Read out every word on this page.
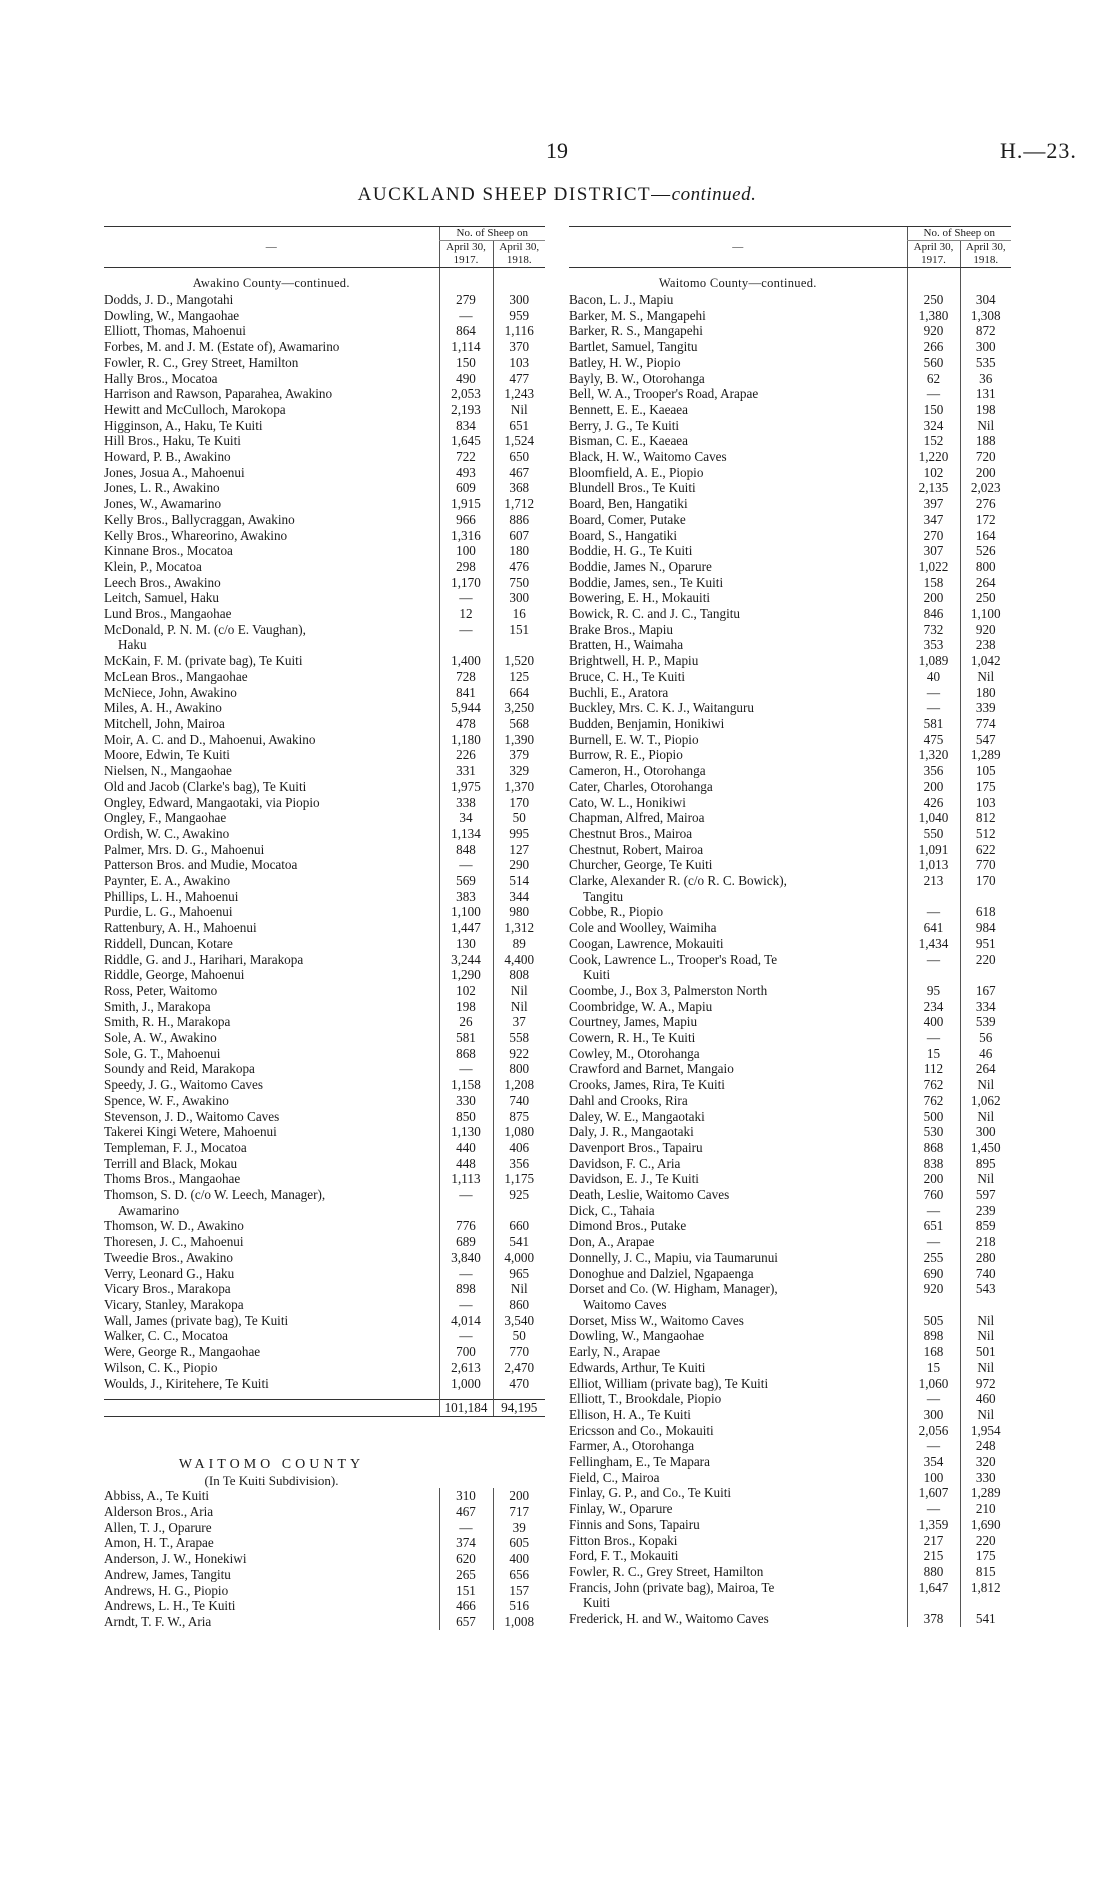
19	H.—23.
AUCKLAND SHEEP DISTRICT—continued.
—	No. of Sheep on	
	April 30, 1917.	April 30, 1918.
Awakino County—continued.		
Dodds, J. D., Mangotahi	279	300
Dowling, W., Mangaohae	—	959
Elliott, Thomas, Mahoenui	864	1,116
Forbes, M. and J. M. (Estate of), Awamarino	1,114	370
Fowler, R. C., Grey Street, Hamilton	150	103
Hally Bros., Mocatoa	490	477
Harrison and Rawson, Paparahea, Awakino	2,053	1,243
Hewitt and McCulloch, Marokopa	2,193	Nil
Higginson, A., Haku, Te Kuiti	834	651
Hill Bros., Haku, Te Kuiti	1,645	1,524
Howard, P. B., Awakino	722	650
Jones, Josua A., Mahoenui	493	467
Jones, L. R., Awakino	609	368
Jones, W., Awamarino	1,915	1,712
Kelly Bros., Ballycraggan, Awakino	966	886
Kelly Bros., Whareorino, Awakino	1,316	607
Kinnane Bros., Mocatoa	100	180
Klein, P., Mocatoa	298	476
Leech Bros., Awakino	1,170	750
Leitch, Samuel, Haku	—	300
Lund Bros., Mangaohae	12	16
McDonald, P. N. M. (c/o E. Vaughan),	—	151
Haku		
McKain, F. M. (private bag), Te Kuiti	1,400	1,520
McLean Bros., Mangaohae	728	125
McNiece, John, Awakino	841	664
Miles, A. H., Awakino	5,944	3,250
Mitchell, John, Mairoa	478	568
Moir, A. C. and D., Mahoenui, Awakino	1,180	1,390
Moore, Edwin, Te Kuiti	226	379
Nielsen, N., Mangaohae	331	329
Old and Jacob (Clarke's bag), Te Kuiti	1,975	1,370
Ongley, Edward, Mangaotaki, via Piopio	338	170
Ongley, F., Mangaohae	34	50
Ordish, W. C., Awakino	1,134	995
Palmer, Mrs. D. G., Mahoenui	848	127
Patterson Bros. and Mudie, Mocatoa	—	290
Paynter, E. A., Awakino	569	514
Phillips, L. H., Mahoenui	383	344
Purdie, L. G., Mahoenui	1,100	980
Rattenbury, A. H., Mahoenui	1,447	1,312
Riddell, Duncan, Kotare	130	89
Riddle, G. and J., Harihari, Marakopa	3,244	4,400
Riddle, George, Mahoenui	1,290	808
Ross, Peter, Waitomo	102	Nil
Smith, J., Marakopa	198	Nil
Smith, R. H., Marakopa	26	37
Sole, A. W., Awakino	581	558
Sole, G. T., Mahoenui	868	922
Soundy and Reid, Marakopa	—	800
Speedy, J. G., Waitomo Caves	1,158	1,208
Spence, W. F., Awakino	330	740
Stevenson, J. D., Waitomo Caves	850	875
Takerei Kingi Wetere, Mahoenui	1,130	1,080
Templeman, F. J., Mocatoa	440	406
Terrill and Black, Mokau	448	356
Thoms Bros., Mangaohae	1,113	1,175
Thomson, S. D. (c/o W. Leech, Manager),	—	925
Awamarino		
Thomson, W. D., Awakino	776	660
Thoresen, J. C., Mahoenui	689	541
Tweedie Bros., Awakino	3,840	4,000
Verry, Leonard G., Haku	—	965
Vicary Bros., Marakopa	898	Nil
Vicary, Stanley, Marakopa	—	860
Wall, James (private bag), Te Kuiti	4,014	3,540
Walker, C. C., Mocatoa	—	50
Were, George R., Mangaohae	700	770
Wilson, C. K., Piopio	2,613	2,470
Woulds, J., Kiritehere, Te Kuiti	1,000	470

	101,184	94,195

WAITOMO COUNTY		
(In Te Kuiti Subdivision).		
Abbiss, A., Te Kuiti	310	200
Alderson Bros., Aria	467	717
Allen, T. J., Oparure	—	39
Amon, H. T., Arapae	374	605
Anderson, J. W., Honekiwi	620	400
Andrew, James, Tangitu	265	656
Andrews, H. G., Piopio	151	157
Andrews, L. H., Te Kuiti	466	516
Arndt, T. F. W., Aria	657	1,008
—	No. of Sheep on	
	April 30, 1917.	April 30, 1918.
Waitomo County—continued.		
Bacon, L. J., Mapiu	250	304
Barker, M. S., Mangapehi	1,380	1,308
Barker, R. S., Mangapehi	920	872
Bartlet, Samuel, Tangitu	266	300
Batley, H. W., Piopio	560	535
Bayly, B. W., Otorohanga	62	36
Bell, W. A., Trooper's Road, Arapae	—	131
Bennett, E. E., Kaeaea	150	198
Berry, J. G., Te Kuiti	324	Nil
Bisman, C. E., Kaeaea	152	188
Black, H. W., Waitomo Caves	1,220	720
Bloomfield, A. E., Piopio	102	200
Blundell Bros., Te Kuiti	2,135	2,023
Board, Ben, Hangatiki	397	276
Board, Comer, Putake	347	172
Board, S., Hangatiki	270	164
Boddie, H. G., Te Kuiti	307	526
Boddie, James N., Oparure	1,022	800
Boddie, James, sen., Te Kuiti	158	264
Bowering, E. H., Mokauiti	200	250
Bowick, R. C. and J. C., Tangitu	846	1,100
Brake Bros., Mapiu	732	920
Bratten, H., Waimaha	353	238
Brightwell, H. P., Mapiu	1,089	1,042
Bruce, C. H., Te Kuiti	40	Nil
Buchli, E., Aratora	—	180
Buckley, Mrs. C. K. J., Waitanguru	—	339
Budden, Benjamin, Honikiwi	581	774
Burnell, E. W. T., Piopio	475	547
Burrow, R. E., Piopio	1,320	1,289
Cameron, H., Otorohanga	356	105
Cater, Charles, Otorohanga	200	175
Cato, W. L., Honikiwi	426	103
Chapman, Alfred, Mairoa	1,040	812
Chestnut Bros., Mairoa	550	512
Chestnut, Robert, Mairoa	1,091	622
Churcher, George, Te Kuiti	1,013	770
Clarke, Alexander R. (c/o R. C. Bowick),	213	170
Tangitu		
Cobbe, R., Piopio	—	618
Cole and Woolley, Waimiha	641	984
Coogan, Lawrence, Mokauiti	1,434	951
Cook, Lawrence L., Trooper's Road, Te	—	220
Kuiti		
Coombe, J., Box 3, Palmerston North	95	167
Coombridge, W. A., Mapiu	234	334
Courtney, James, Mapiu	400	539
Cowern, R. H., Te Kuiti	—	56
Cowley, M., Otorohanga	15	46
Crawford and Barnet, Mangaio	112	264
Crooks, James, Rira, Te Kuiti	762	Nil
Dahl and Crooks, Rira	762	1,062
Daley, W. E., Mangaotaki	500	Nil
Daly, J. R., Mangaotaki	530	300
Davenport Bros., Tapairu	868	1,450
Davidson, F. C., Aria	838	895
Davidson, E. J., Te Kuiti	200	Nil
Death, Leslie, Waitomo Caves	760	597
Dick, C., Tahaia	—	239
Dimond Bros., Putake	651	859
Don, A., Arapae	—	218
Donnelly, J. C., Mapiu, via Taumarunui	255	280
Donoghue and Dalziel, Ngapaenga	690	740
Dorset and Co. (W. Higham, Manager),	920	543
Waitomo Caves		
Dorset, Miss W., Waitomo Caves	505	Nil
Dowling, W., Mangaohae	898	Nil
Early, N., Arapae	168	501
Edwards, Arthur, Te Kuiti	15	Nil
Elliot, William (private bag), Te Kuiti	1,060	972
Elliott, T., Brookdale, Piopio	—	460
Ellison, H. A., Te Kuiti	300	Nil
Ericsson and Co., Mokauiti	2,056	1,954
Farmer, A., Otorohanga	—	248
Fellingham, E., Te Mapara	354	320
Field, C., Mairoa	100	330
Finlay, G. P., and Co., Te Kuiti	1,607	1,289
Finlay, W., Oparure	—	210
Finnis and Sons, Tapairu	1,359	1,690
Fitton Bros., Kopaki	217	220
Ford, F. T., Mokauiti	215	175
Fowler, R. C., Grey Street, Hamilton	880	815
Francis, John (private bag), Mairoa, Te	1,647	1,812
Kuiti		
Frederick, H. and W., Waitomo Caves	378	541
